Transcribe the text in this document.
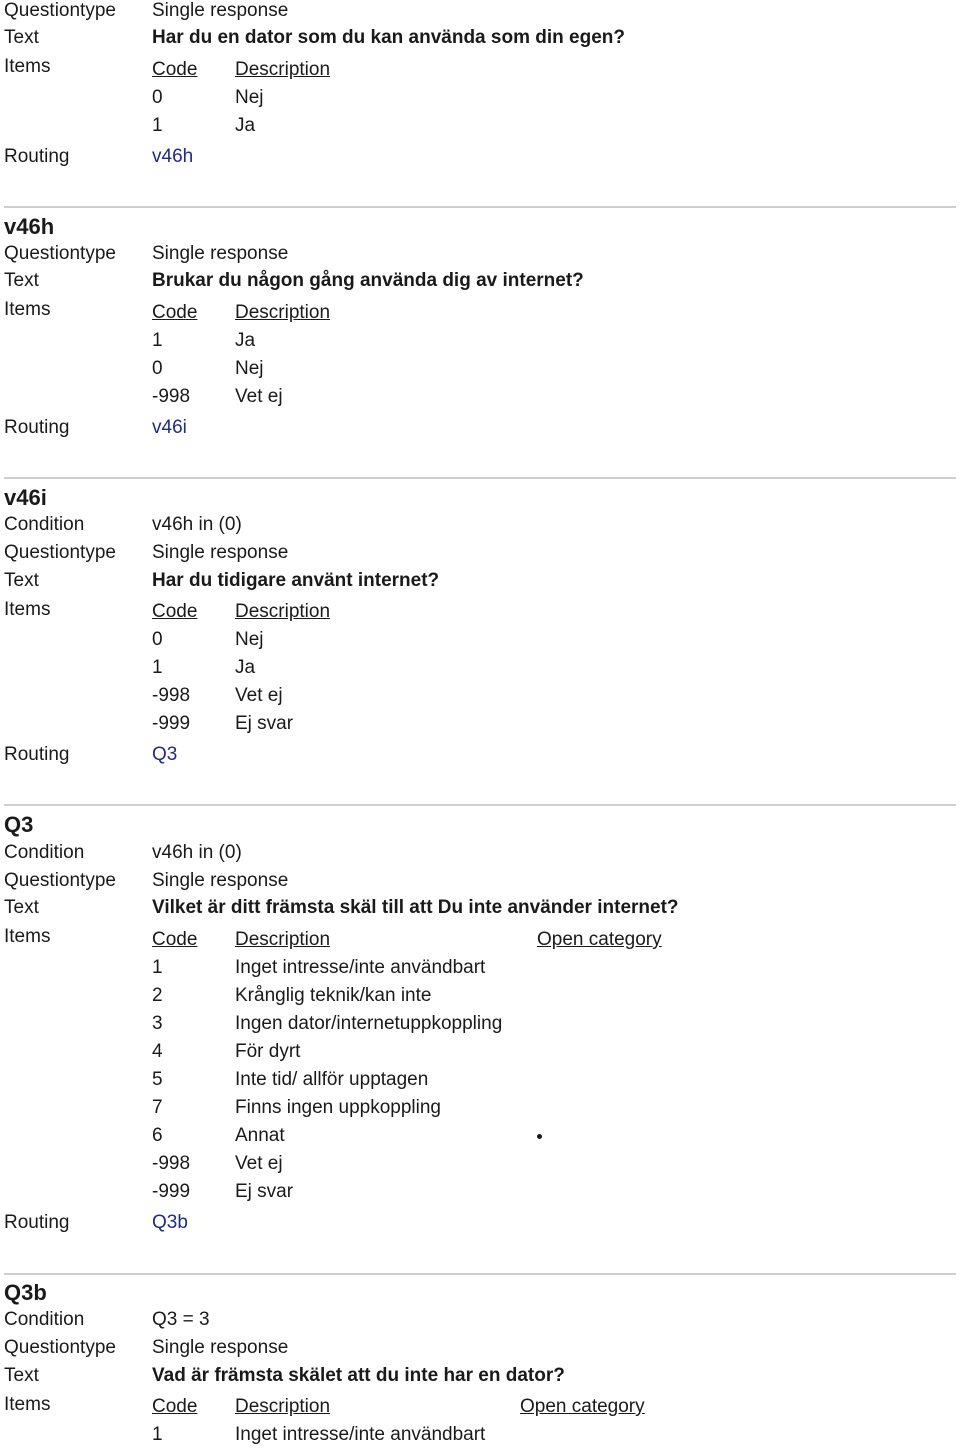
Questiontype Single response
Text	Har du en dator som du kan använda som din egen?
Items	Code Description
0	Nej
1	Ja
Routing	v46h
v46h
Questiontype Single response
Text	Brukar du någon gång använda dig av internet?
Items	Code Description
1	Ja
0	Nej
-998 Vet ej
Routing	v46i
v46i
Condition	v46h in (0)
Questiontype Single response
Text	Har du tidigare använt internet?
Items	Code Description
0	Nej
1	Ja
-998 Vet ej
-999 Ej svar
Routing	Q3
Q3
Condition	v46h in (0)
Questiontype Single response
Text	Vilket är ditt främsta skäl till att Du inte använder internet?
Items	Code Description	Open category
1	Inget intresse/inte användbart
2	Krånglig teknik/kan inte
3	Ingen dator/internetuppkoppling
4	För dyrt
5	Inte tid/ allför upptagen
7	Finns ingen uppkoppling
6	Annat
-998 Vet ej
-999 Ej svar
Routing	Q3b
Q3b
Condition	Q3 = 3
Questiontype Single response
Text	Vad är främsta skälet att du inte har en dator?
Items	Code Description	Open category
1	Inget intresse/inte användbart
